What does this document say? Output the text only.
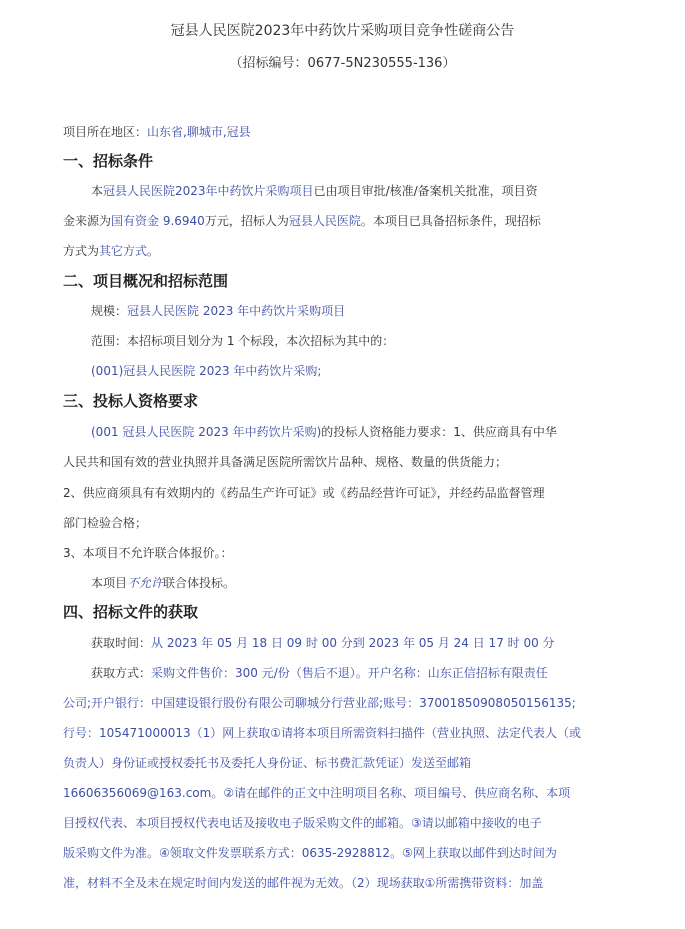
冠县人民医院2023年中药饮片采购项目竞争性磋商公告
（招标编号：0677-5N230555-136）
项目所在地区：山东省,聊城市,冠县
一、招标条件
本冠县人民医院2023年中药饮片采购项目已由项目审批/核准/备案机关批准，项目资
金来源为国有资金 9.6940万元，招标人为冠县人民医院。本项目已具备招标条件，现招标
方式为其它方式。
二、项目概况和招标范围
规模：冠县人民医院 2023 年中药饮片采购项目
范围：本招标项目划分为 1 个标段，本次招标为其中的：
(001)冠县人民医院 2023 年中药饮片采购;
三、投标人资格要求
(001 冠县人民医院 2023 年中药饮片采购)的投标人资格能力要求：1、供应商具有中华
人民共和国有效的营业执照并具备满足医院所需饮片品种、规格、数量的供货能力；
2、供应商须具有有效期内的《药品生产许可证》或《药品经营许可证》，并经药品监督管理
部门检验合格；
3、本项目不允许联合体报价。：
本项目不允许联合体投标。
四、招标文件的获取
获取时间：从 2023 年 05 月 18 日 09 时 00 分到 2023 年 05 月 24 日 17 时 00 分
获取方式：采购文件售价：300 元/份（售后不退）。开户名称：山东正信招标有限责任
公司;开户银行：中国建设银行股份有限公司聊城分行营业部;账号：37001850908050156135;
行号：105471000013（1）网上获取①请将本项目所需资料扫描件（营业执照、法定代表人（或
负责人）身份证或授权委托书及委托人身份证、标书费汇款凭证）发送至邮箱
16606356069@163.com。②请在邮件的正文中注明项目名称、项目编号、供应商名称、本项
目授权代表、本项目授权代表电话及接收电子版采购文件的邮箱。③请以邮箱中接收的电子
版采购文件为准。④领取文件发票联系方式：0635-2928812。⑤网上获取以邮件到达时间为
准，材料不全及未在规定时间内发送的邮件视为无效。（2）现场获取①所需携带资料：加盖
